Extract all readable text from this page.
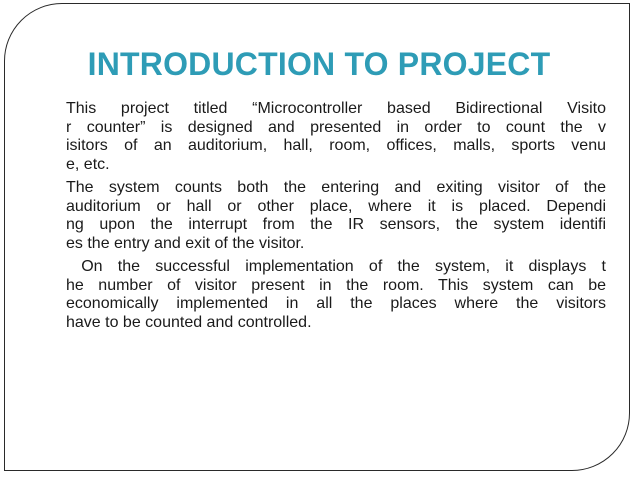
INTRODUCTION TO PROJECT
This project titled “Microcontroller based Bidirectional Visito
r counter” is designed and presented in order to count the v
isitors of an auditorium, hall, room, offices, malls, sports venu
e, etc.
The system counts both the entering and exiting visitor of the
auditorium or hall or other place, where it is placed. Dependi
ng upon the interrupt from the IR sensors, the system identifi
es the entry and exit of the visitor.
On the successful implementation of the system, it displays t
he number of visitor present in the room. This system can be
economically implemented in all the places where the visitors
have to be counted and controlled.
